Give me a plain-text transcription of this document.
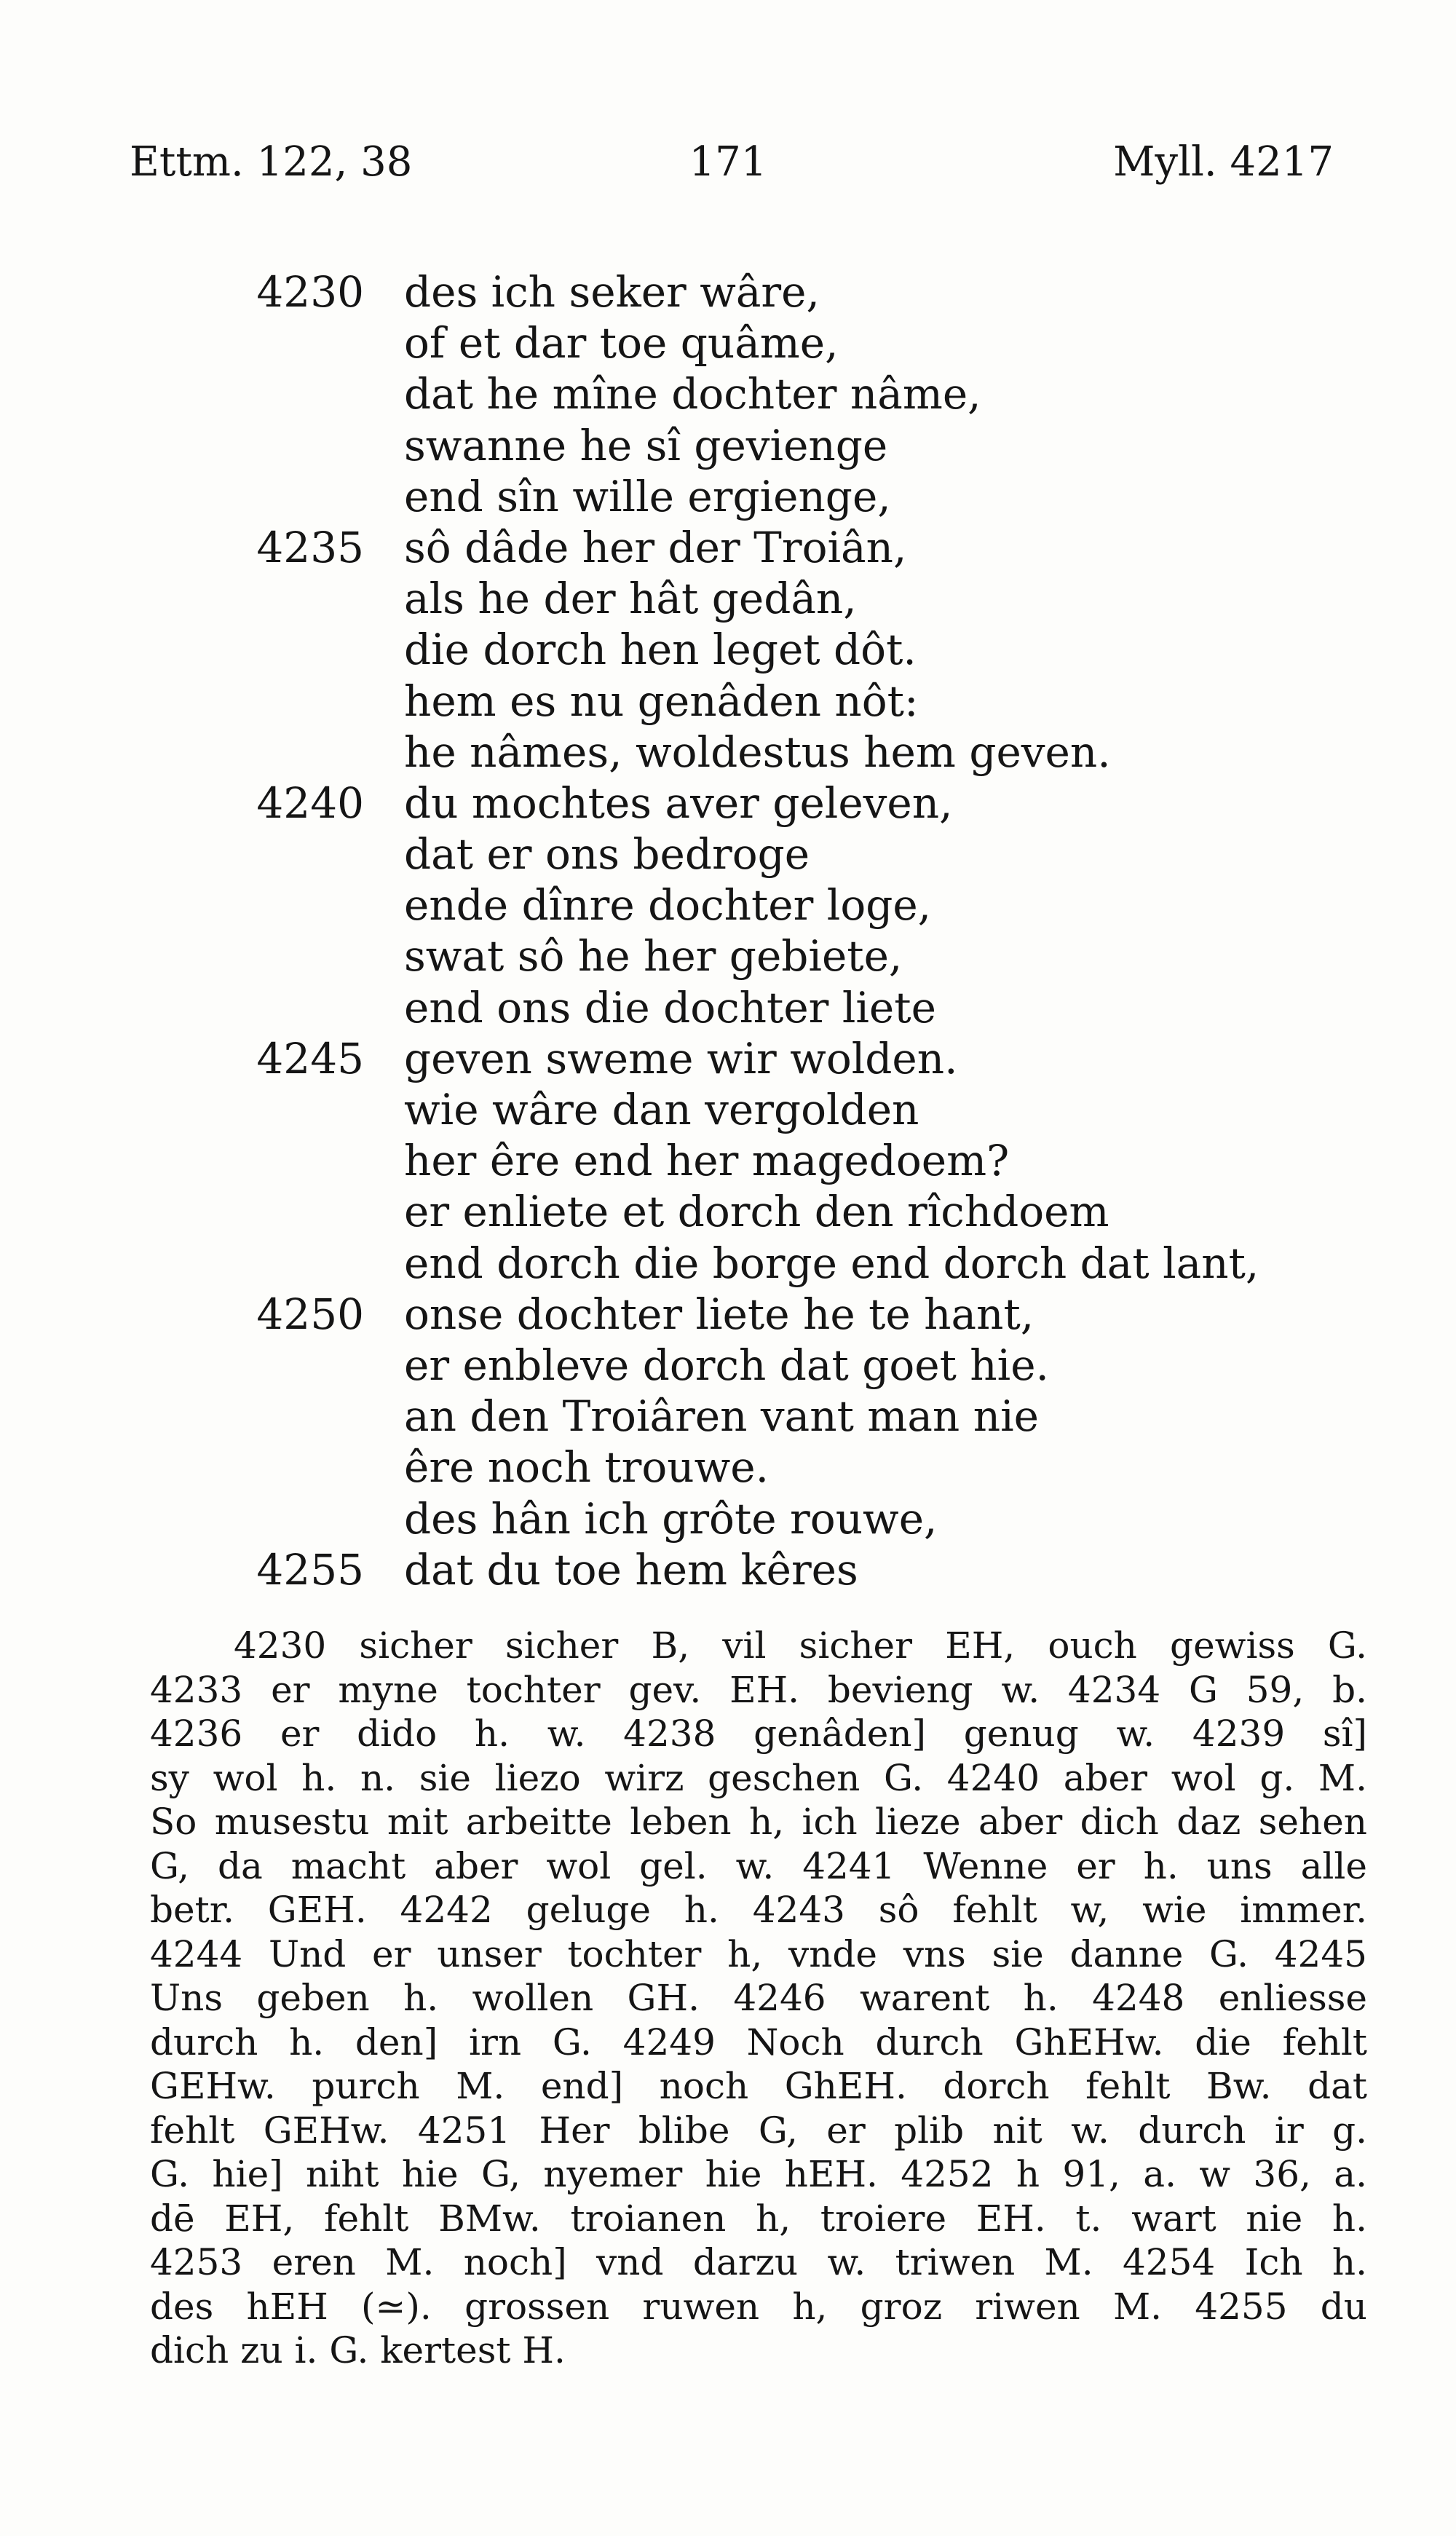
Ettm. 122, 38	171	Myll. 4217
4230 des ich seker wâre,
of et dar toe quâme,
dat he mîne dochter nâme,
swanne he sî gevienge
end sîn wille ergienge,
4235 sô dâde her der Troiân,
als he der hât gedân,
die dorch hen leget dôt.
hem es nu genâden nôt:
he nâmes, woldestus hem geven.
4240 du mochtes aver geleven,
dat er ons bedroge
ende dînre dochter loge,
swat sô he her gebiete,
end ons die dochter liete
4245 geven sweme wir wolden.
wie wâre dan vergolden
her êre end her magedoem?
er enliete et dorch den rîchdoem
end dorch die borge end dorch dat lant,
4250 onse dochter liete he te hant,
er enbleve dorch dat goet hie.
an den Troiâren vant man nie
êre noch trouwe.
des hân ich grôte rouwe,
4255 dat du toe hem kêres
4230 sicher sicher B, vil sicher EH, ouch gewiss G.
4233 er myne tochter gev. EH. bevieng w. 4234 G 59, b.
4236 er dido h. w. 4238 genâden] genug w. 4239 sî]
sy wol h. n. sie liezo wirz geschen G. 4240 aber wol g. M.
So musestu mit arbeitte leben h, ich lieze aber dich daz sehen
G, da macht aber wol gel. w. 4241 Wenne er h. uns alle
betr. GEH. 4242 geluge h. 4243 sô fehlt w, wie immer.
4244 Und er unser tochter h, vnde vns sie danne G. 4245
Uns geben h. wollen GH. 4246 warent h. 4248 enliesse
durch h. den] irn G. 4249 Noch durch GhEHw. die fehlt
GEHw. purch M. end] noch GhEH. dorch fehlt Bw. dat
fehlt GEHw. 4251 Her blibe G, er plib nit w. durch ir g.
G. hie] niht hie G, nyemer hie hEH. 4252 h 91, a. w 36, a.
dē EH, fehlt BMw. troianen h, troiere EH. t. wart nie h.
4253 eren M. noch] vnd darzu w. triwen M. 4254 Ich h.
des hEH (≃). grossen ruwen h, groz riwen M. 4255 du
dich zu i. G. kertest H.
